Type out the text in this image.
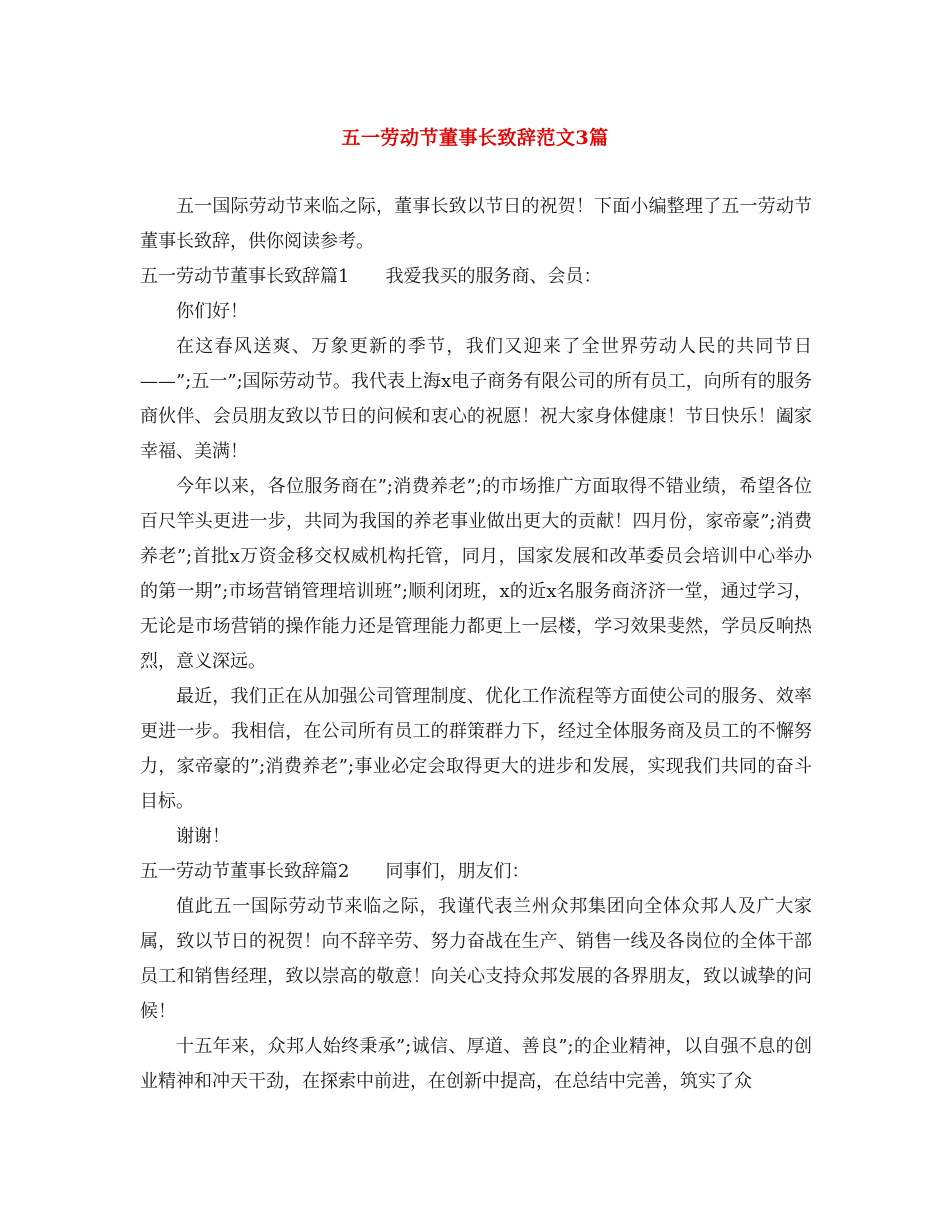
五一劳动节董事长致辞范文3篇

五一国际劳动节来临之际，董事长致以节日的祝贺！下面小编整理了五一劳动节董事长致辞，供你阅读参考。

五一劳动节董事长致辞篇1 我爱我买的服务商、会员：

你们好！

在这春风送爽、万象更新的季节，我们又迎来了全世界劳动人民的共同节日——”;五一”;国际劳动节。我代表上海x电子商务有限公司的所有员工，向所有的服务商伙伴、会员朋友致以节日的问候和衷心的祝愿！祝大家身体健康！节日快乐！阖家幸福、美满！

今年以来，各位服务商在”;消费养老”;的市场推广方面取得不错业绩，希望各位百尺竿头更进一步，共同为我国的养老事业做出更大的贡献！四月份，家帝豪”;消费养老”;首批x万资金移交权威机构托管，同月，国家发展和改革委员会培训中心举办的第一期”;市场营销管理培训班”;顺利闭班，x的近x名服务商济济一堂，通过学习，无论是市场营销的操作能力还是管理能力都更上一层楼，学习效果斐然，学员反响热烈，意义深远。

最近，我们正在从加强公司管理制度、优化工作流程等方面使公司的服务、效率更进一步。我相信，在公司所有员工的群策群力下，经过全体服务商及员工的不懈努力，家帝豪的”;消费养老”;事业必定会取得更大的进步和发展，实现我们共同的奋斗目标。

谢谢！

五一劳动节董事长致辞篇2 同事们，朋友们：

值此五一国际劳动节来临之际，我谨代表兰州众邦集团向全体众邦人及广大家属，致以节日的祝贺！向不辞辛劳、努力奋战在生产、销售一线及各岗位的全体干部员工和销售经理，致以崇高的敬意！向关心支持众邦发展的各界朋友，致以诚挚的问候！

十五年来，众邦人始终秉承”;诚信、厚道、善良”;的企业精神，以自强不息的创业精神和冲天干劲，在探索中前进，在创新中提高，在总结中完善，筑实了众
